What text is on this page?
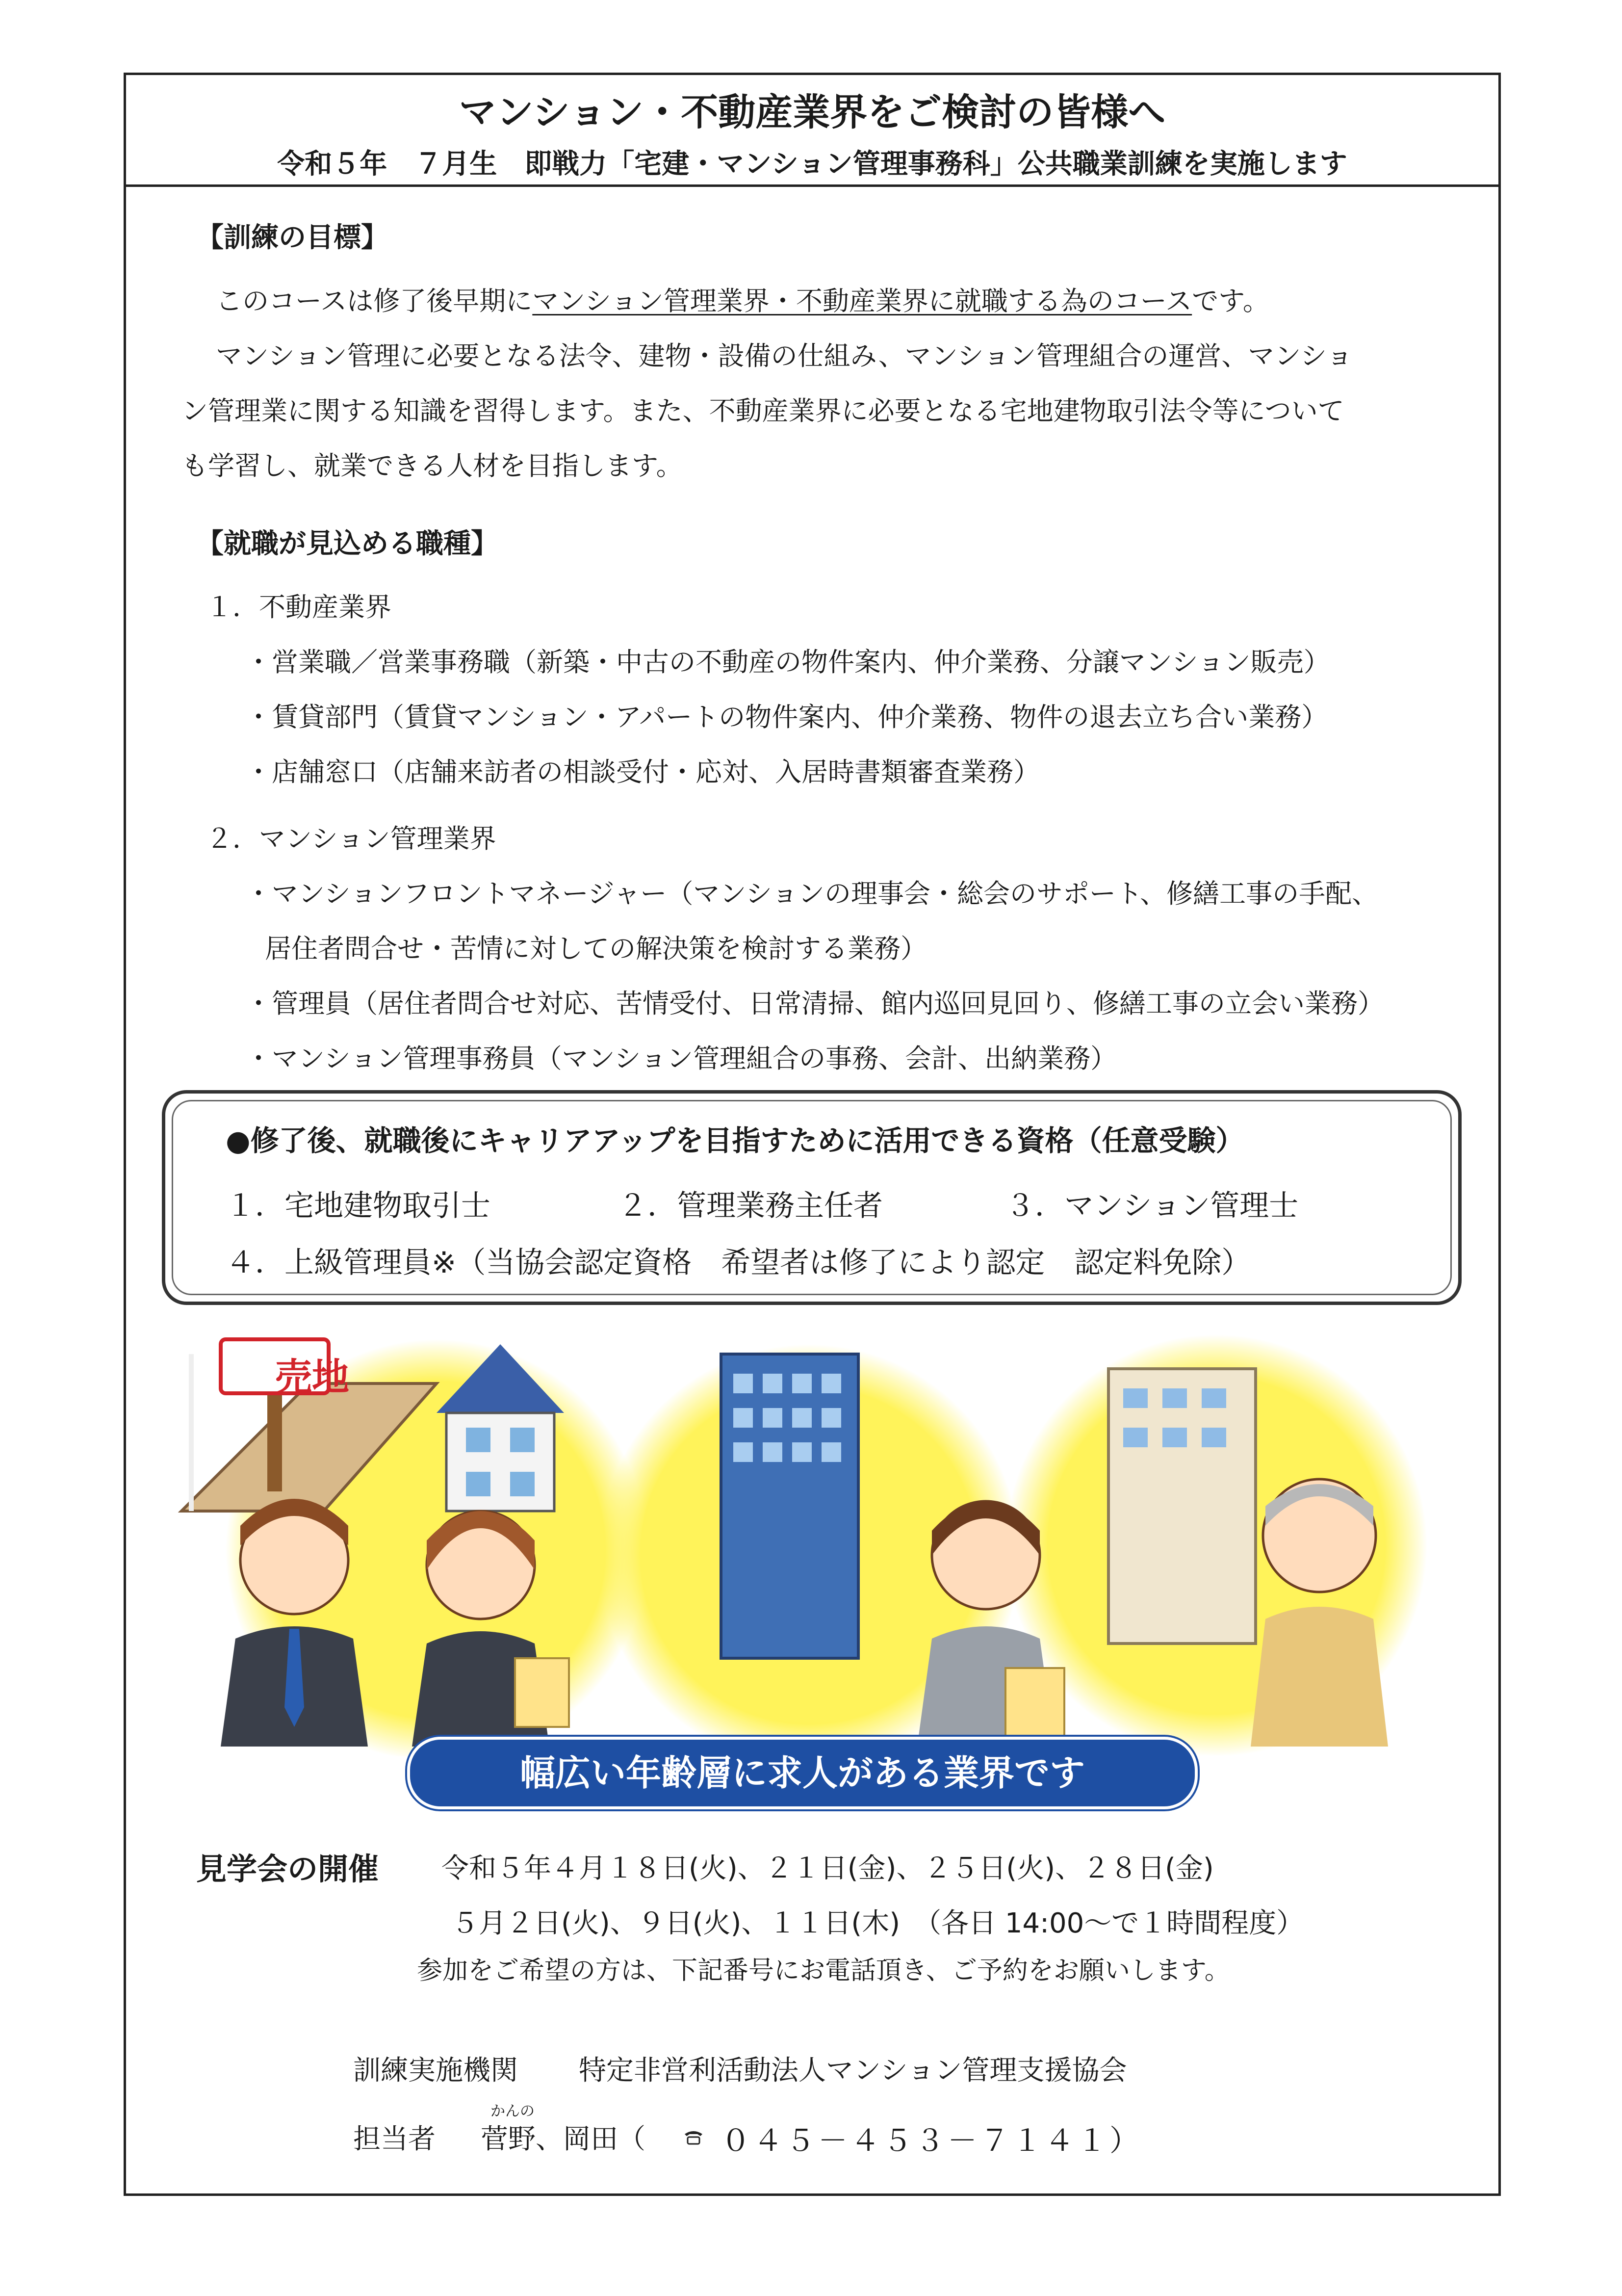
マンション・不動産業界をご検討の皆様へ
令和５年　７月生　即戦力「宅建・マンション管理事務科」公共職業訓練を実施します
【訓練の目標】
このコースは修了後早期にマンション管理業界・不動産業界に就職する為のコースです。
マンション管理に必要となる法令、建物・設備の仕組み、マンション管理組合の運営、マンショ
ン管理業に関する知識を習得します。また、不動産業界に必要となる宅地建物取引法令等について
も学習し、就業できる人材を目指します。
【就職が見込める職種】
１．不動産業界
・営業職／営業事務職（新築・中古の不動産の物件案内、仲介業務、分譲マンション販売）
・賃貸部門（賃貸マンション・アパートの物件案内、仲介業務、物件の退去立ち合い業務）
・店舗窓口（店舗来訪者の相談受付・応対、入居時書類審査業務）
２．マンション管理業界
・マンションフロントマネージャー（マンションの理事会・総会のサポート、修繕工事の手配、
居住者問合せ・苦情に対しての解決策を検討する業務）
・管理員（居住者問合せ対応、苦情受付、日常清掃、館内巡回見回り、修繕工事の立会い業務）
・マンション管理事務員（マンション管理組合の事務、会計、出納業務）
●修了後、就職後にキャリアアップを目指すために活用できる資格（任意受験）
１．宅地建物取引士	２．管理業務主任者	３．マンション管理士
４．上級管理員※（当協会認定資格　希望者は修了により認定　認定料免除）
売地
幅広い年齢層に求人がある業界です
見学会の開催 令和５年４月１８日(火)、２１日(金)、２５日(火)、２８日(金)
５月２日(火)、９日(火)、１１日(木)　（各日 14:00～で１時間程度）
参加をご希望の方は、下記番号にお電話頂き、ご予約をお願いします。
訓練実施機関 特定非営利活動法人マンション管理支援協会
担当者
かんの
菅野、岡田（	０４５－４５３－７１４１）
